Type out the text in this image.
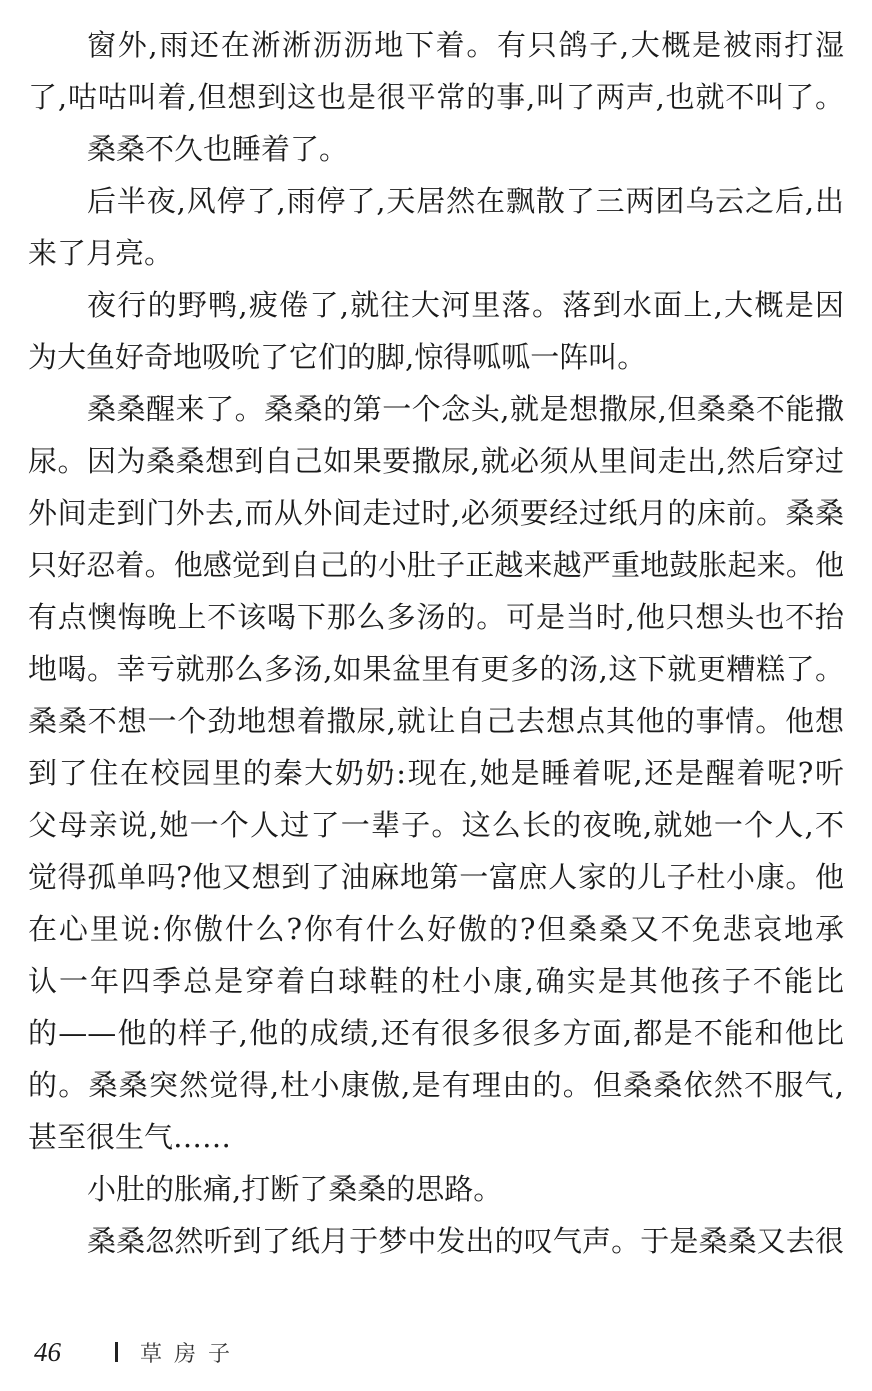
窗外,雨还在淅淅沥沥地下着。有只鸽子,大概是被雨打湿
了,咕咕叫着,但想到这也是很平常的事,叫了两声,也就不叫了。
桑桑不久也睡着了。
后半夜,风停了,雨停了,天居然在飘散了三两团乌云之后,出
来了月亮。
夜行的野鸭,疲倦了,就往大河里落。落到水面上,大概是因
为大鱼好奇地吸吮了它们的脚,惊得呱呱一阵叫。
桑桑醒来了。桑桑的第一个念头,就是想撒尿,但桑桑不能撒
尿。因为桑桑想到自己如果要撒尿,就必须从里间走出,然后穿过
外间走到门外去,而从外间走过时,必须要经过纸月的床前。桑桑
只好忍着。他感觉到自己的小肚子正越来越严重地鼓胀起来。他
有点懊悔晚上不该喝下那么多汤的。可是当时,他只想头也不抬
地喝。幸亏就那么多汤,如果盆里有更多的汤,这下就更糟糕了。
桑桑不想一个劲地想着撒尿,就让自己去想点其他的事情。他想
到了住在校园里的秦大奶奶:现在,她是睡着呢,还是醒着呢?听
父母亲说,她一个人过了一辈子。这么长的夜晚,就她一个人,不
觉得孤单吗?他又想到了油麻地第一富庶人家的儿子杜小康。他
在心里说:你傲什么?你有什么好傲的?但桑桑又不免悲哀地承
认一年四季总是穿着白球鞋的杜小康,确实是其他孩子不能比
的——他的样子,他的成绩,还有很多很多方面,都是不能和他比
的。桑桑突然觉得,杜小康傲,是有理由的。但桑桑依然不服气,
甚至很生气……
小肚的胀痛,打断了桑桑的思路。
桑桑忽然听到了纸月于梦中发出的叹气声。于是桑桑又去很
46	草房子
